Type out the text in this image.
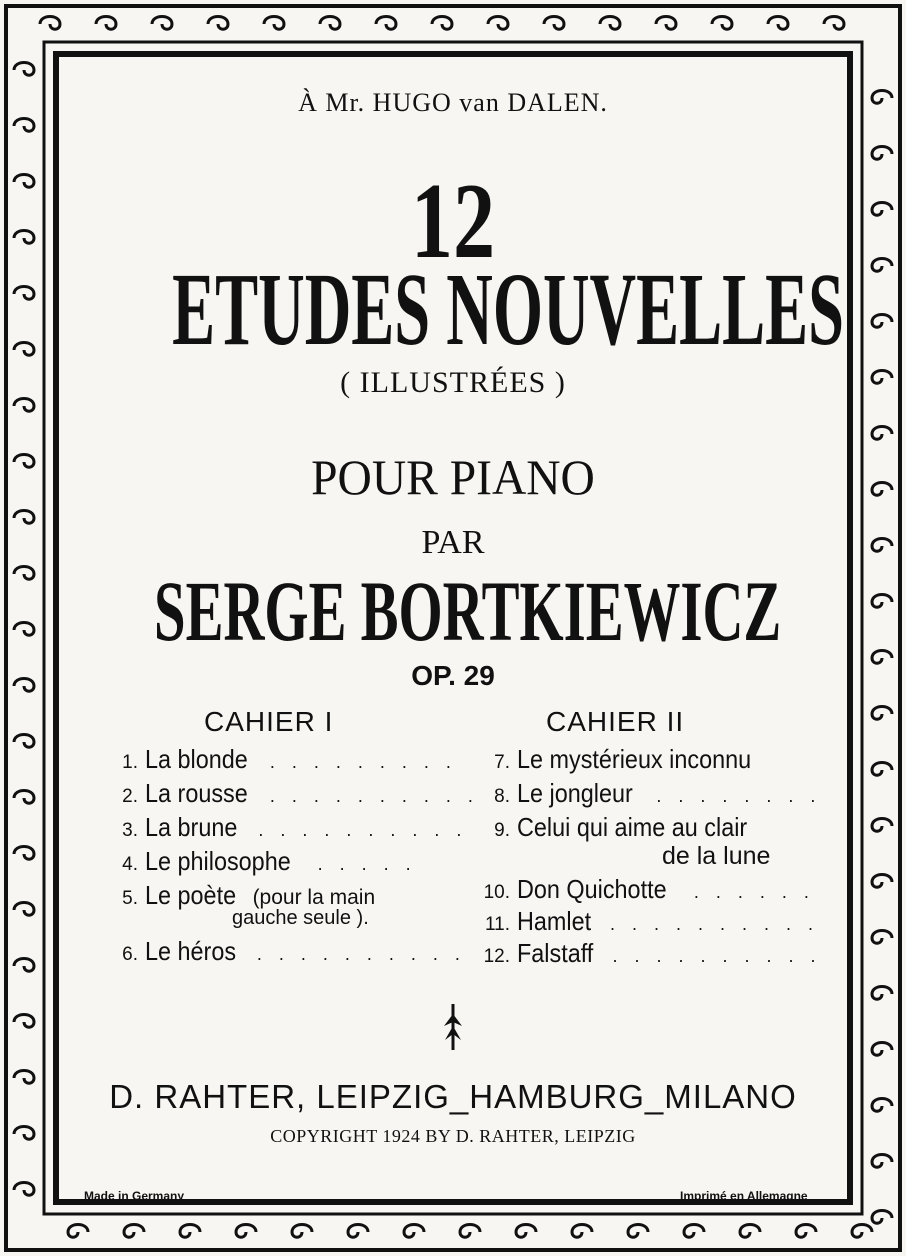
À Mr. HUGO van DALEN.
12
ETUDES NOUVELLES
( ILLUSTRÉES )
POUR PIANO
PAR
SERGE BORTKIEWICZ
OP. 29
CAHIER I
1. La blonde . . . . . . . . .
2. La rousse . . . . . . . . . .
3. La brune . . . . . . . . . .
4. Le philosophe . . . . .
5. Le poète (pour la main
gauche seule ).
6. Le héros . . . . . . . . . .
CAHIER II
7. Le mystérieux inconnu
8. Le jongleur . . . . . . . .
9. Celui qui aime au clair
de la lune
10. Don Quichotte . . . . . .
11. Hamlet . . . . . . . . . .
12. Falstaff . . . . . . . . . .
D. RAHTER, LEIPZIG_HAMBURG_MILANO
COPYRIGHT 1924 BY D. RAHTER, LEIPZIG
Made in Germany	Imprimé en Allemagne
